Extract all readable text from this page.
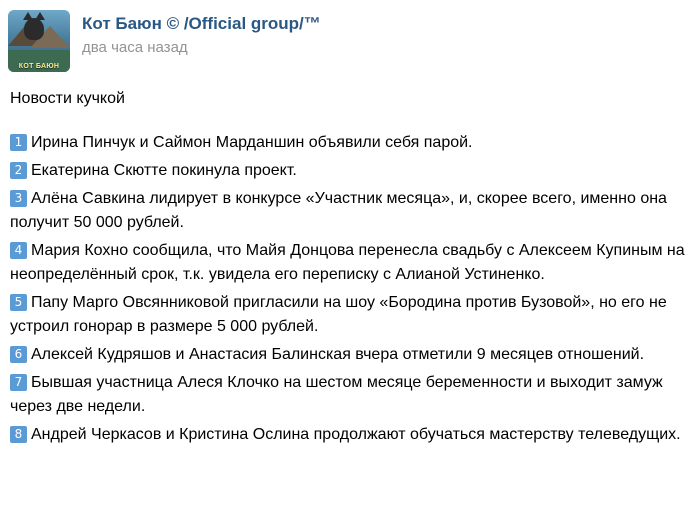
КОТ БАЮН
Кот Баюн © /Official group/™
два часа назад

Новости кучкой

1 Ирина Пинчук и Саймон Марданшин объявили себя парой.
2 Екатерина Скютте покинула проект.
3 Алёна Савкина лидирует в конкурсе «Участник месяца», и, скорее всего, именно она получит 50 000 рублей.
4 Мария Кохно сообщила, что Майя Донцова перенесла свадьбу с Алексеем Купиным на неопределённый срок, т.к. увидела его переписку с Алианой Устиненко.
5 Папу Марго Овсянниковой пригласили на шоу «Бородина против Бузовой», но его не устроил гонорар в размере 5 000 рублей.
6 Алексей Кудряшов и Анастасия Балинская вчера отметили 9 месяцев отношений.
7 Бывшая участница Алеся Клочко на шестом месяце беременности и выходит замуж через две недели.
8 Андрей Черкасов и Кристина Ослина продолжают обучаться мастерству телеведущих.
